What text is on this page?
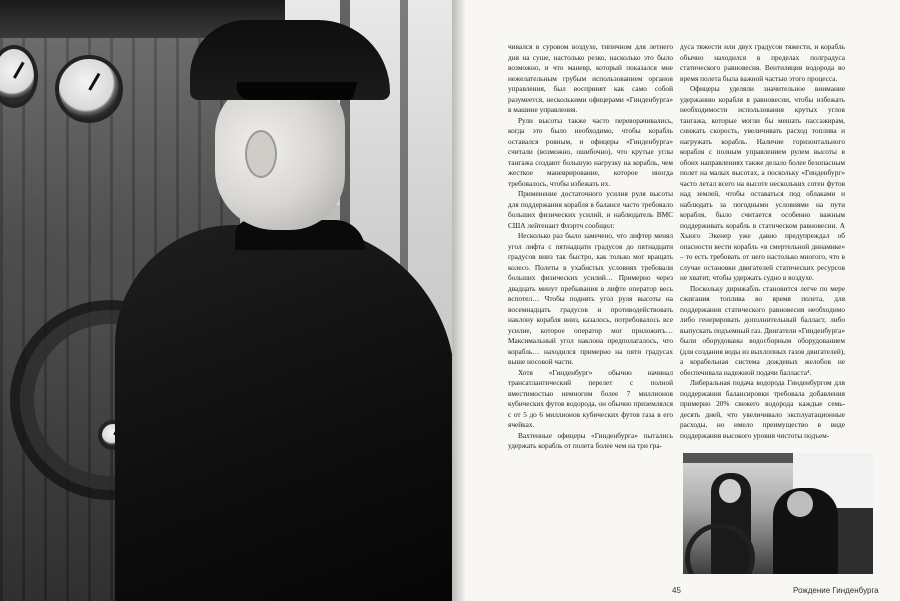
чивался в суровом воздухе, типичном для летнего дня на суше, настолько резко, насколько это было возможно, и что маневр, который показался мне нежелательным грубым использованием органов управления, был воспринят как само собой разумеется, несколькими офицерами «Гинденбурга» в машине управления.

Рули высоты также часто переворачивались, когда это было необходимо, чтобы корабль оставался ровным, и офицеры «Гинденбурга» считали (возможно, ошибочно), что крутые углы тангажа создают большую нагрузку на корабль, чем жесткое маневрирование, которое иногда требовалось, чтобы избежать их.

Применение достаточного усилия руля высоты для поддержания корабля в балансе часто требовало больших физических усилий, и наблюдатель ВМС США лейтенант Флэртч сообщил:

Несколько раз было замечено, что лифтер менял угол лифта с пятнадцати градусов до пятнадцати градусов вниз так быстро, как только мог вращать колесо. Полеты в ухабистых условиях требовали больших физических усилий… Примерно через двадцать минут пребывания в лифте оператор весь вспотел… Чтобы поднять угол руля высоты на восемнадцать градусов и противодействовать наклону корабля вниз, казалось, потребовалось все усилие, которое оператор мог приложить… Максимальный угол наклона предполагалось, что корабль… находился примерно на пяти градусах выше носовой части.

Хотя «Гинденбург» обычно начинал трансатлантический перелет с полной вместимостью немногим более 7 миллионов кубических футов водорода, он обычно приземлялся с от 5 до 6 миллионов кубических футов газа в его ячейках.

Вахтенные офицеры «Гинденбурга» пытались удержать корабль от полета более чем на три гра-

дуса тяжести или двух градусов тяжести, и корабль обычно находился в пределах полградуса статического равновесия. Вентиляция водорода во время полета была важной частью этого процесса.

Офицеры уделяли значительное внимание удержанию корабля в равновесии, чтобы избежать необходимости использования крутых углов тангажа, которые могли бы мешать пассажирам, снижать скорость, увеличивать расход топлива и нагружать корабль. Наличие горизонтального корабля с полным управлением рулем высоты в обоих направлениях также делало более безопасным полет на малых высотах, а поскольку «Гинденбург» часто летал всего на высоте нескольких сотен футов над землей, чтобы оставаться под облаками и наблюдать за погодными условиями на пути корабля, было считается особенно важным поддерживать корабль в статическом равновесии. А Хьюго Экенер уже давно предупреждал об опасности вести корабль «в смертельной динамике» – то есть требовать от него настолько многого, что в случае остановки двигателей статических ресурсов не хватит, чтобы удержать судно в воздухе.

Поскольку дирижабль становится легче по мере сжигания топлива во время полета, для поддержания статического равновесия необходимо либо генерировать дополнительный балласт, либо выпускать подъемный газ. Двигатели «Гинденбурга» были оборудованы водосборным оборудованием (для создания воды из выхлопных газов двигателей), а корабельная система дождевых желобов не обеспечивала надежной подачи балласта⁴.

Либеральная подача водорода Гинденбургом для поддержания балансировки требовала добавления примерно 20% свежего водорода каждые семь-десять дней, что увеличивало эксплуатационные расходы, но имело преимущество в виде поддержания высокого уровня чистоты подъем-

45	Рождение Гинденбурга
